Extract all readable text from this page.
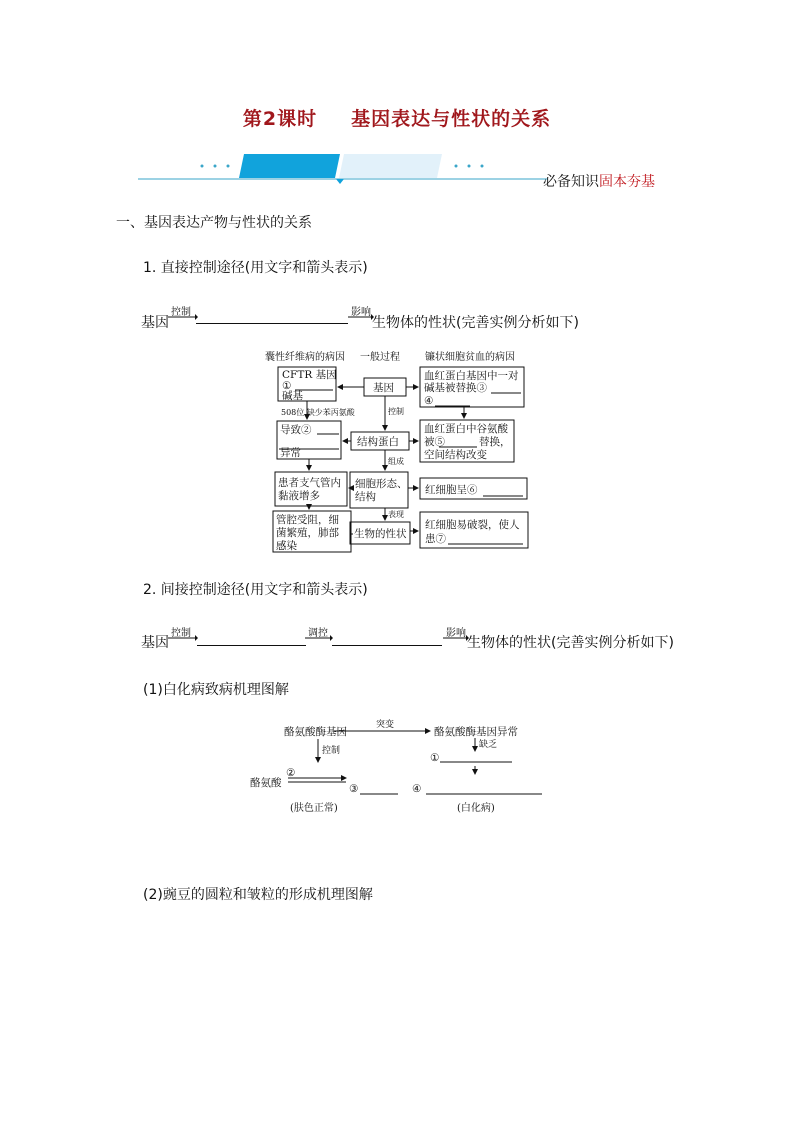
第2课时 基因表达与性状的关系
必备知识固本夯基
一、基因表达产物与性状的关系
1. 直接控制途径(用文字和箭头表示)
基因
控制	影响
生物体的性状(完善实例分析如下)
囊性纤维病的病因 一般过程	镰状细胞贫血的病因
CFTR 基因
①
碱基
508位 缺少苯丙氨酸
导致②
异常
患者支气管内
黏液增多
管腔受阻，细
菌繁殖，肺部
感染
基因
控制
结构蛋白
组成
细胞形态、
结构
表现
生物的性状
血红蛋白基因中一对
碱基被替换③
④
血红蛋白中谷氨酸
被⑤	替换，
空间结构改变
红细胞呈⑥
红细胞易破裂，使人
患⑦
2. 间接控制途径(用文字和箭头表示)
基因
控制	调控	影响
生物体的性状(完善实例分析如下)
(1)白化病致病机理图解
酪氨酸酶基因
突变
酪氨酸酶基因异常
控制
缺乏
①
②
酪氨酸	③	④
(肤色正常)	(白化病)
(2)豌豆的圆粒和皱粒的形成机理图解
